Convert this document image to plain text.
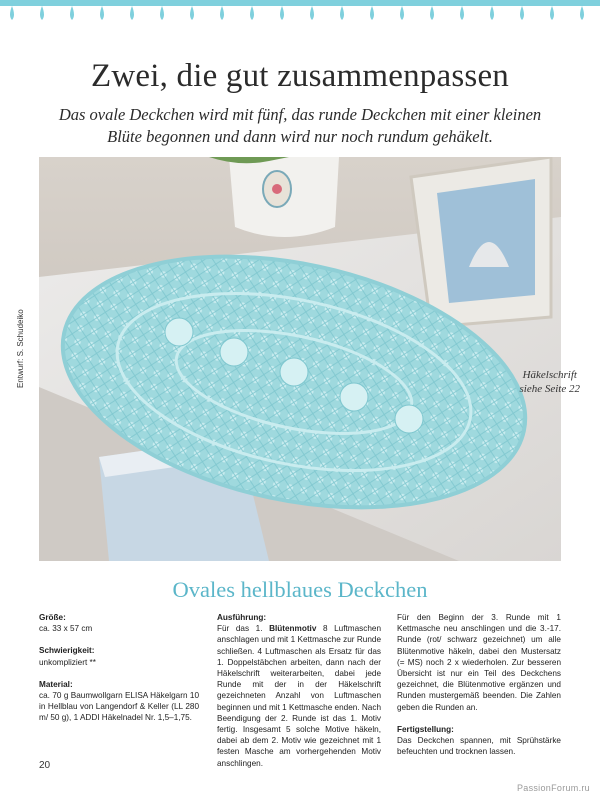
Zwei, die gut zusammenpassen
Das ovale Deckchen wird mit fünf, das runde Deckchen mit einer kleinen Blüte begonnen und dann wird nur noch rundum gehäkelt.
Entwurf: S. Schudeiko	Häkelschrift
siehe Seite 22
Ovales hellblaues Deckchen

Größe:

ca. 33 x 57 cm

Schwierigkeit:

unkompliziert **

Material:

ca. 70 g Baumwollgarn ELISA Häkelgarn 10 in Hellblau von Langendorf & Keller (LL 280 m/ 50 g), 1 ADDI Häkelnadel Nr. 1,5–1,75.

Ausführung:

Für das 1. Blütenmotiv 8 Luftmaschen anschlagen und mit 1 Kettmasche zur Runde schließen. 4 Luftmaschen als Ersatz für das 1. Doppelstäbchen arbeiten, dann nach der Häkelschrift weiterarbeiten, dabei jede Runde mit der in der Häkelschrift gezeichneten Anzahl von Luftmaschen beginnen und mit 1 Kettmasche enden. Nach Beendigung der 2. Runde ist das 1. Motiv fertig. Insgesamt 5 solche Motive häkeln, dabei ab dem 2. Motiv wie gezeichnet mit 1 festen Masche am vorhergehenden Motiv anschlingen.

Für den Beginn der 3. Runde mit 1 Kettmasche neu anschlingen und die 3.-17. Runde (rot/ schwarz gezeichnet) um alle Blütenmotive häkeln, dabei den Mustersatz (= MS) noch 2 x wiederholen. Zur besseren Übersicht ist nur ein Teil des Deckchens gezeichnet, die Blütenmotive ergänzen und Runden mustergemäß beenden. Die Zahlen geben die Runden an.

Fertigstellung:

Das Deckchen spannen, mit Sprühstärke befeuchten und trocknen lassen.

20
PassionForum.ru
